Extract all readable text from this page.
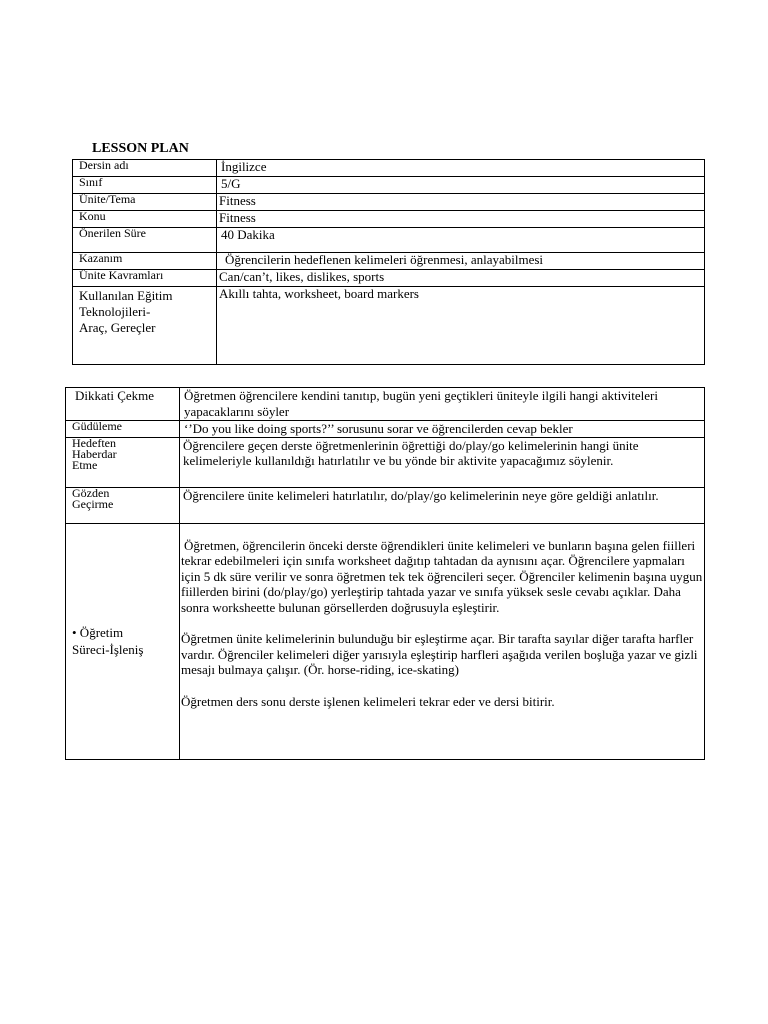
LESSON PLAN
Dersin adı	İngilizce
Sınıf	5/G
Ünite/Tema	Fitness
Konu	Fitness
Önerilen Süre	40 Dakika
Kazanım	Öğrencilerin hedeflenen kelimeleri öğrenmesi, anlayabilmesi
Ünite Kavramları	Can/can’t, likes, dislikes, sports
Kullanılan Eğitim Teknolojileri-Araç, Gereçler	Akıllı tahta, worksheet, board markers
Dikkati Çekme	Öğretmen öğrencilere kendini tanıtıp, bugün yeni geçtikleri üniteyle ilgili hangi aktiviteleri yapacaklarını söyler
Güdüleme	‘’Do you like doing sports?’’ sorusunu sorar ve öğrencilerden cevap bekler
Hedeften Haberdar Etme	Öğrencilere geçen derste öğretmenlerinin öğrettiği do/play/go kelimelerinin hangi ünite kelimeleriyle kullanıldığı hatırlatılır ve bu yönde bir aktivite yapacağımız söylenir.
Gözden Geçirme	Öğrencilere ünite kelimeleri hatırlatılır, do/play/go kelimelerinin neye göre geldiği anlatılır.
• Öğretim Süreci-İşleniş	Öğretmen, öğrencilerin önceki derste öğrendikleri ünite kelimeleri ve bunların başına gelen fiilleri tekrar edebilmeleri için sınıfa worksheet dağıtıp tahtadan da aynısını açar. Öğrencilere yapmaları için 5 dk süre verilir ve sonra öğretmen tek tek öğrencileri seçer. Öğrenciler kelimenin başına uygun fiillerden birini (do/play/go) yerleştirip tahtada yazar ve sınıfa yüksek sesle cevabı açıklar. Daha sonra worksheette bulunan görsellerden doğrusuyla eşleştirir.
Öğretmen ünite kelimelerinin bulunduğu bir eşleştirme açar. Bir tarafta sayılar diğer tarafta harfler vardır. Öğrenciler kelimeleri diğer yarısıyla eşleştirip harfleri aşağıda verilen boşluğa yazar ve gizli mesajı bulmaya çalışır. (Ör. horse-riding, ice-skating)
Öğretmen ders sonu derste işlenen kelimeleri tekrar eder ve dersi bitirir.
